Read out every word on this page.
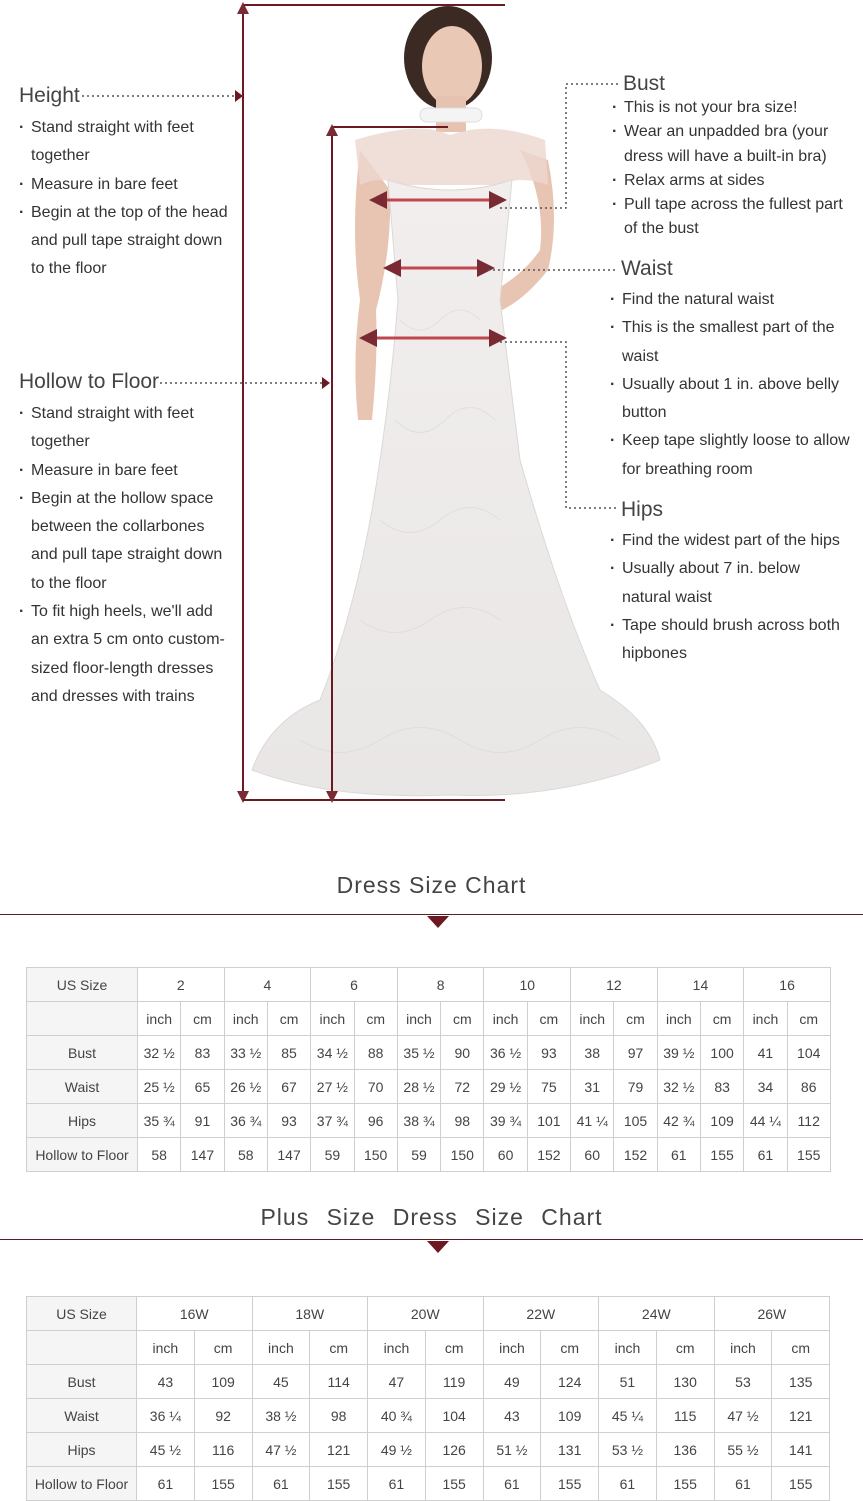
Height
· Stand straight with feet together
· Measure in bare feet
· Begin at the top of the head and pull tape straight down to the floor
Hollow to Floor
· Stand straight with feet together
· Measure in bare feet
· Begin at the hollow space between the collarbones and pull tape straight down to the floor
· To fit high heels, we'll add an extra 5 cm onto custom-sized floor-length dresses and dresses with trains
Bust
· This is not your bra size!
· Wear an unpadded bra (your dress will have a built-in bra)
· Relax arms at sides
· Pull tape across the fullest part of the bust
Waist
· Find the natural waist
· This is the smallest part of the waist
· Usually about 1 in. above belly button
· Keep tape slightly loose to allow for breathing room
Hips
· Find the widest part of the hips
· Usually about 7 in. below natural waist
· Tape should brush across both hipbones
Dress Size Chart
US Size	2		4		6		8		10		12		14		16	
	inch	cm	inch	cm	inch	cm	inch	cm	inch	cm	inch	cm	inch	cm	inch	cm
Bust	32 ½	83	33 ½	85	34 ½	88	35 ½	90	36 ½	93	38	97	39 ½	100	41	104
Waist	25 ½	65	26 ½	67	27 ½	70	28 ½	72	29 ½	75	31	79	32 ½	83	34	86
Hips	35 ¾	91	36 ¾	93	37 ¾	96	38 ¾	98	39 ¾	101	41 ¼	105	42 ¾	109	44 ¼	112
Hollow to Floor	58	147	58	147	59	150	59	150	60	152	60	152	61	155	61	155
Plus Size Dress Size Chart
US Size	16W		18W		20W		22W		24W		26W	
	inch	cm	inch	cm	inch	cm	inch	cm	inch	cm	inch	cm
Bust	43	109	45	114	47	119	49	124	51	130	53	135
Waist	36 ¼	92	38 ½	98	40 ¾	104	43	109	45 ¼	115	47 ½	121
Hips	45 ½	116	47 ½	121	49 ½	126	51 ½	131	53 ½	136	55 ½	141
Hollow to Floor	61	155	61	155	61	155	61	155	61	155	61	155
